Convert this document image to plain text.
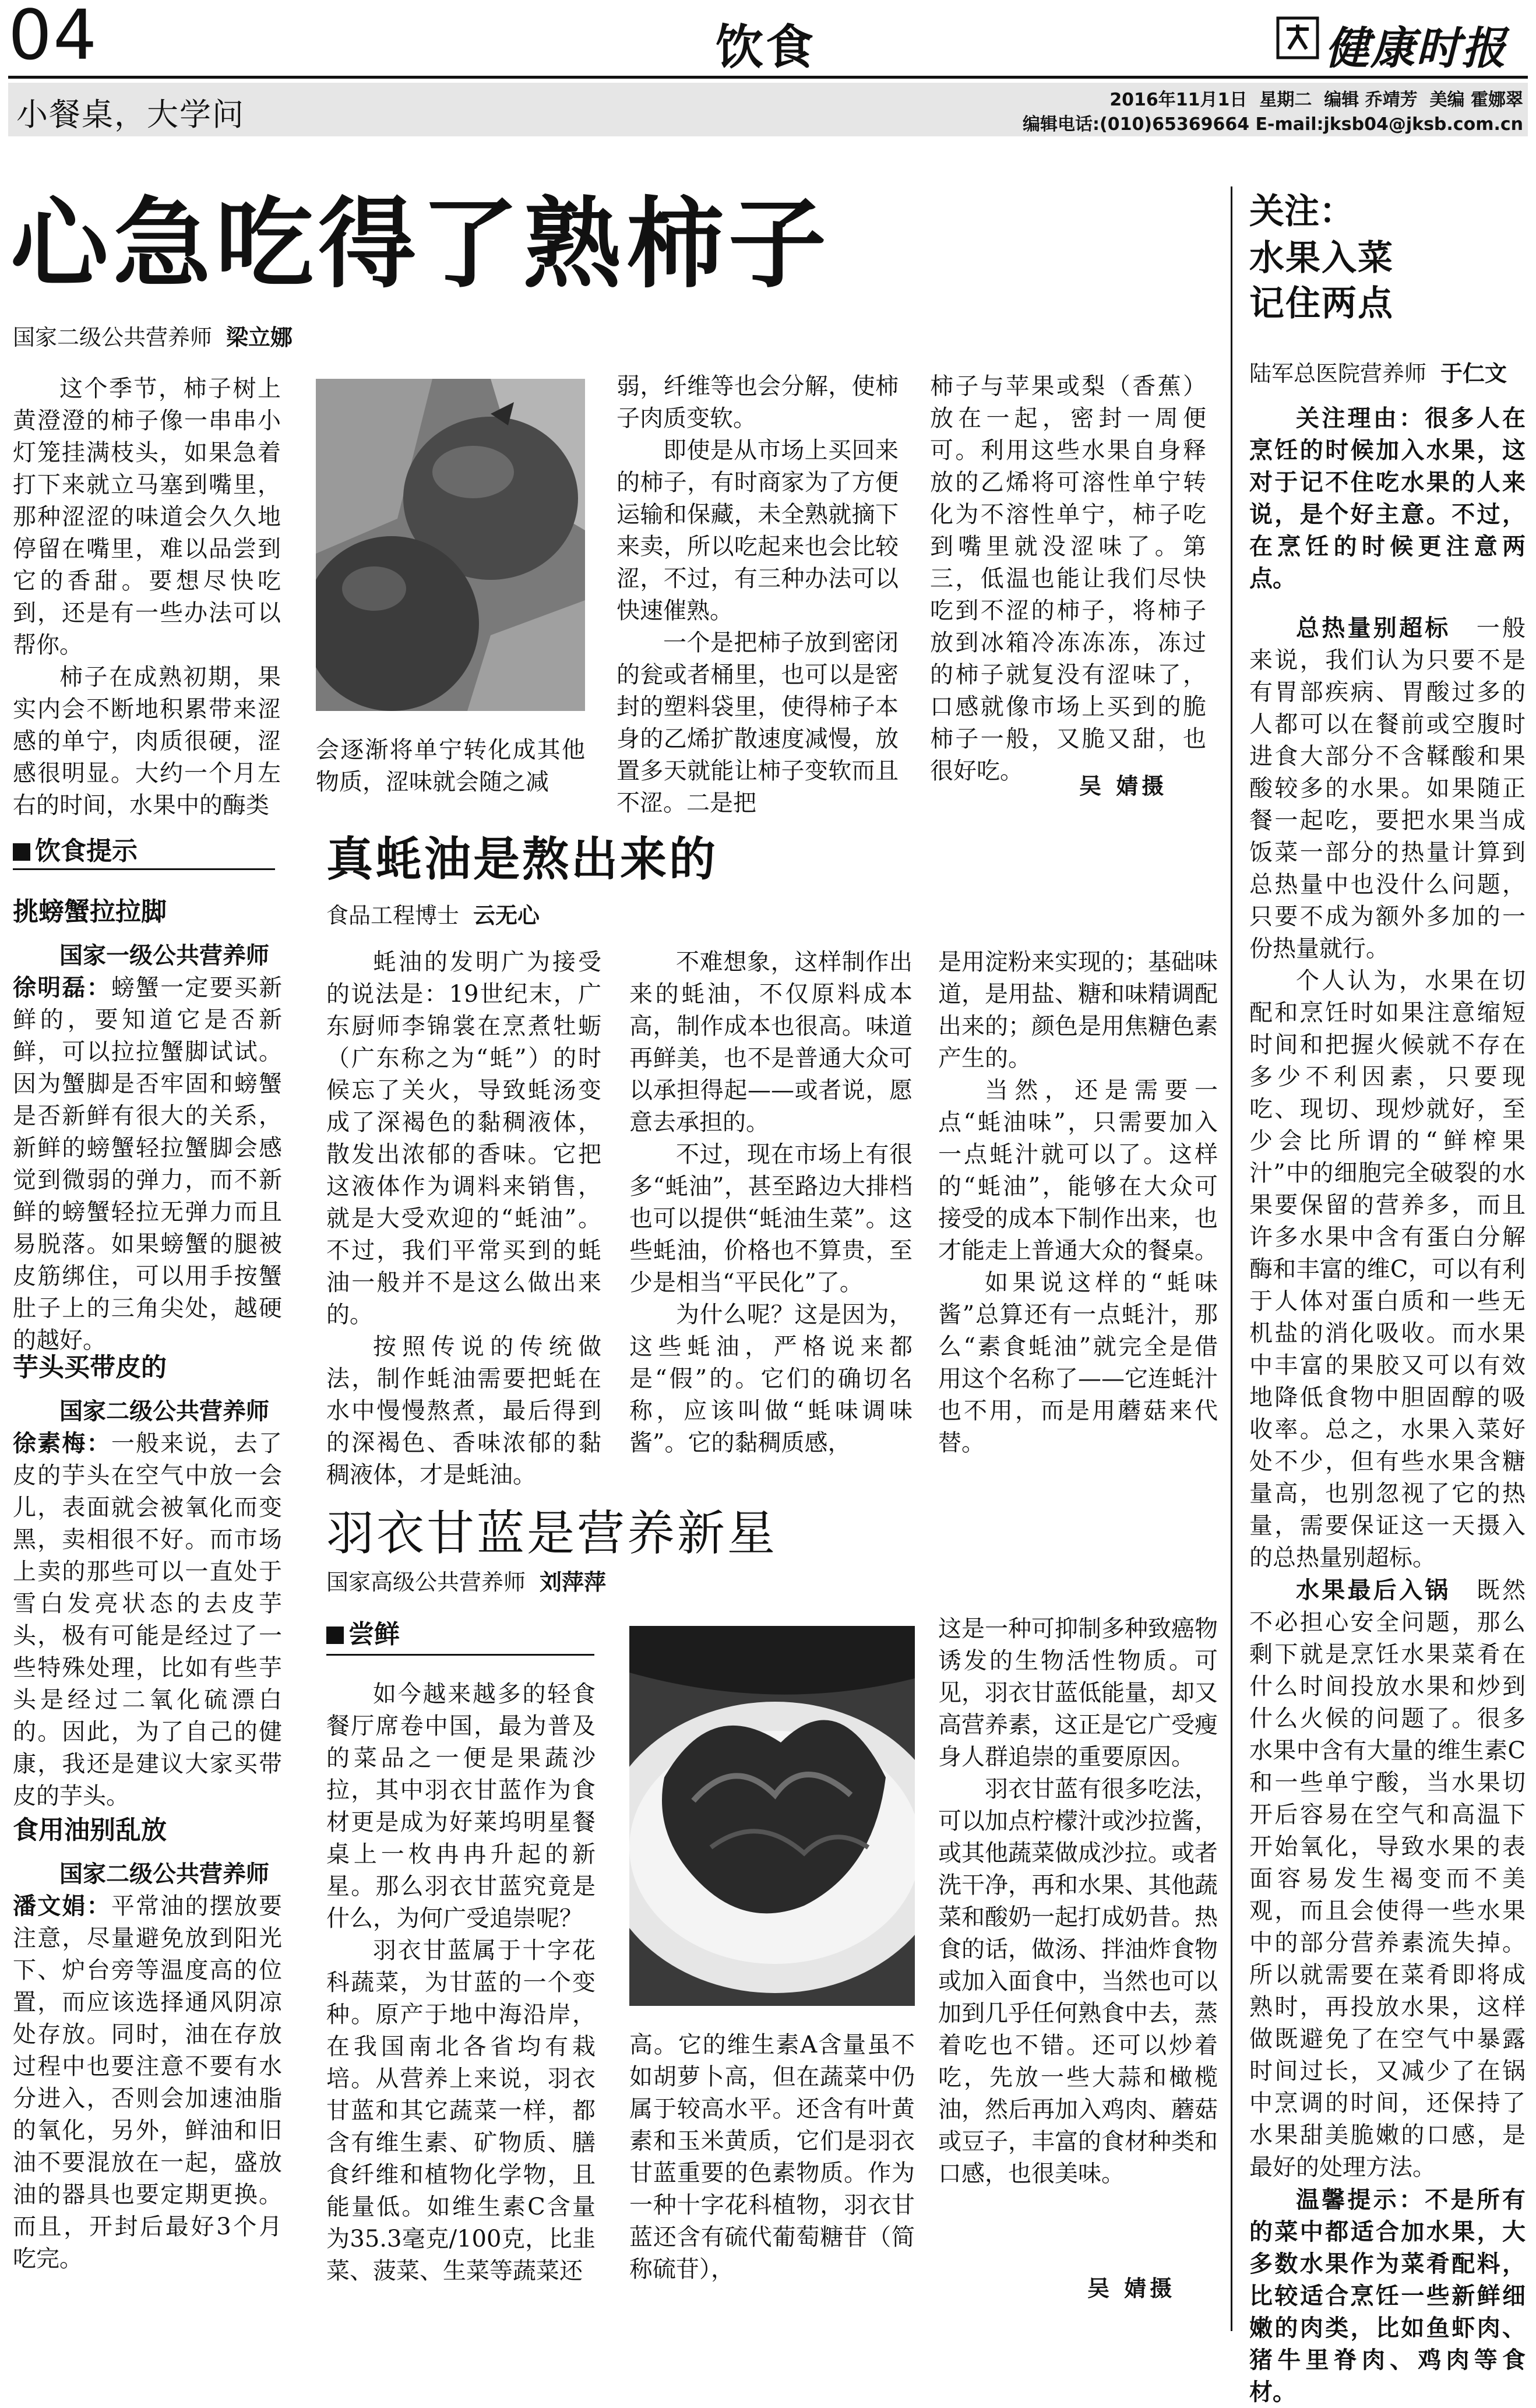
04	饮食	健康时报
小餐桌，大学问	2016年11月1日  星期二  编辑 乔靖芳  美编 霍娜翠
编辑电话:(010)65369664 E-mail:jksb04@jksb.com.cn
心急吃得了熟柿子
国家二级公共营养师 梁立娜

这个季节，柿子树上黄澄澄的柿子像一串串小灯笼挂满枝头，如果急着打下来就立马塞到嘴里，那种涩涩的味道会久久地停留在嘴里，难以品尝到它的香甜。要想尽快吃到，还是有一些办法可以帮你。

柿子在成熟初期，果实内会不断地积累带来涩感的单宁，肉质很硬，涩感很明显。大约一个月左右的时间，水果中的酶类

会逐渐将单宁转化成其他物质，涩味就会随之减

弱，纤维等也会分解，使柿子肉质变软。

即使是从市场上买回来的柿子，有时商家为了方便运输和保藏，未全熟就摘下来卖，所以吃起来也会比较涩，不过，有三种办法可以快速催熟。

一个是把柿子放到密闭的瓮或者桶里，也可以是密封的塑料袋里，使得柿子本身的乙烯扩散速度减慢，放置多天就能让柿子变软而且不涩。二是把

柿子与苹果或梨（香蕉）放在一起，密封一周便可。利用这些水果自身释放的乙烯将可溶性单宁转化为不溶性单宁，柿子吃到嘴里就没涩味了。第三，低温也能让我们尽快吃到不涩的柿子，将柿子放到冰箱冷冻冻冻，冻过的柿子就复没有涩味了，口感就像市场上买到的脆柿子一般，又脆又甜，也很好吃。

吴 婧摄
饮食提示
挑螃蟹拉拉脚

国家一级公共营养师

徐明磊：螃蟹一定要买新鲜的，要知道它是否新鲜，可以拉拉蟹脚试试。因为蟹脚是否牢固和螃蟹是否新鲜有很大的关系，新鲜的螃蟹轻拉蟹脚会感觉到微弱的弹力，而不新鲜的螃蟹轻拉无弹力而且易脱落。如果螃蟹的腿被皮筋绑住，可以用手按蟹肚子上的三角尖处，越硬的越好。

芋头买带皮的

国家二级公共营养师

徐素梅：一般来说，去了皮的芋头在空气中放一会儿，表面就会被氧化而变黑，卖相很不好。而市场上卖的那些可以一直处于雪白发亮状态的去皮芋头，极有可能是经过了一些特殊处理，比如有些芋头是经过二氧化硫漂白的。因此，为了自己的健康，我还是建议大家买带皮的芋头。

食用油别乱放

国家二级公共营养师

潘文娟：平常油的摆放要注意，尽量避免放到阳光下、炉台旁等温度高的位置，而应该选择通风阴凉处存放。同时，油在存放过程中也要注意不要有水分进入，否则会加速油脂的氧化，另外，鲜油和旧油不要混放在一起，盛放油的器具也要定期更换。而且，开封后最好3个月吃完。

真蚝油是熬出来的
食品工程博士 云无心

蚝油的发明广为接受的说法是：19世纪末，广东厨师李锦裳在烹煮牡蛎（广东称之为“蚝”）的时候忘了关火，导致蚝汤变成了深褐色的黏稠液体，散发出浓郁的香味。它把这液体作为调料来销售，就是大受欢迎的“蚝油”。不过，我们平常买到的蚝油一般并不是这么做出来的。

按照传说的传统做法，制作蚝油需要把蚝在水中慢慢熬煮，最后得到的深褐色、香味浓郁的黏稠液体，才是蚝油。

不难想象，这样制作出来的蚝油，不仅原料成本高，制作成本也很高。味道再鲜美，也不是普通大众可以承担得起——或者说，愿意去承担的。

不过，现在市场上有很多“蚝油”，甚至路边大排档也可以提供“蚝油生菜”。这些蚝油，价格也不算贵，至少是相当“平民化”了。

为什么呢？这是因为，这些蚝油，严格说来都是“假”的。它们的确切名称，应该叫做“蚝味调味酱”。它的黏稠质感，

是用淀粉来实现的；基础味道，是用盐、糖和味精调配出来的；颜色是用焦糖色素产生的。

当然，还是需要一点“蚝油味”，只需要加入一点蚝汁就可以了。这样的“蚝油”，能够在大众可接受的成本下制作出来，也才能走上普通大众的餐桌。

如果说这样的“蚝味酱”总算还有一点蚝汁，那么“素食蚝油”就完全是借用这个名称了——它连蚝汁也不用，而是用蘑菇来代替。

羽衣甘蓝是营养新星
国家高级公共营养师 刘萍萍
尝鲜

如今越来越多的轻食餐厅席卷中国，最为普及的菜品之一便是果蔬沙拉，其中羽衣甘蓝作为食材更是成为好莱坞明星餐桌上一枚冉冉升起的新星。那么羽衣甘蓝究竟是什么，为何广受追崇呢？

羽衣甘蓝属于十字花科蔬菜，为甘蓝的一个变种。原产于地中海沿岸，在我国南北各省均有栽培。从营养上来说，羽衣甘蓝和其它蔬菜一样，都含有维生素、矿物质、膳食纤维和植物化学物，且能量低。如维生素C含量为35.3毫克/100克，比韭菜、菠菜、生菜等蔬菜还

高。它的维生素A含量虽不如胡萝卜高，但在蔬菜中仍属于较高水平。还含有叶黄素和玉米黄质，它们是羽衣甘蓝重要的色素物质。作为一种十字花科植物，羽衣甘蓝还含有硫代葡萄糖苷（简称硫苷），

这是一种可抑制多种致癌物诱发的生物活性物质。可见，羽衣甘蓝低能量，却又高营养素，这正是它广受瘦身人群追崇的重要原因。

羽衣甘蓝有很多吃法，可以加点柠檬汁或沙拉酱，或其他蔬菜做成沙拉。或者洗干净，再和水果、其他蔬菜和酸奶一起打成奶昔。热食的话，做汤、拌油炸食物或加入面食中，当然也可以加到几乎任何熟食中去，蒸着吃也不错。还可以炒着吃，先放一些大蒜和橄榄油，然后再加入鸡肉、蘑菇或豆子，丰富的食材种类和口感，也很美味。

吴 婧摄
关注：
水果入菜
记住两点
陆军总医院营养师 于仁文

关注理由：很多人在烹饪的时候加入水果，这对于记不住吃水果的人来说，是个好主意。不过，在烹饪的时候更注意两点。

总热量别超标　 一般来说，我们认为只要不是有胃部疾病、胃酸过多的人都可以在餐前或空腹时进食大部分不含鞣酸和果酸较多的水果。如果随正餐一起吃，要把水果当成饭菜一部分的热量计算到总热量中也没什么问题，只要不成为额外多加的一份热量就行。

个人认为，水果在切配和烹饪时如果注意缩短时间和把握火候就不存在多少不利因素，只要现吃、现切、现炒就好，至少会比所谓的“鲜榨果汁”中的细胞完全破裂的水果要保留的营养多，而且许多水果中含有蛋白分解酶和丰富的维C，可以有利于人体对蛋白质和一些无机盐的消化吸收。而水果中丰富的果胶又可以有效地降低食物中胆固醇的吸收率。总之，水果入菜好处不少，但有些水果含糖量高，也别忽视了它的热量，需要保证这一天摄入的总热量别超标。

水果最后入锅　 既然不必担心安全问题，那么剩下就是烹饪水果菜肴在什么时间投放水果和炒到什么火候的问题了。很多水果中含有大量的维生素C和一些单宁酸，当水果切开后容易在空气和高温下开始氧化，导致水果的表面容易发生褐变而不美观，而且会使得一些水果中的部分营养素流失掉。所以就需要在菜肴即将成熟时，再投放水果，这样做既避免了在空气中暴露时间过长，又减少了在锅中烹调的时间，还保持了水果甜美脆嫩的口感，是最好的处理方法。

温馨提示：不是所有的菜中都适合加水果，大多数水果作为菜肴配料，比较适合烹饪一些新鲜细嫩的肉类，比如鱼虾肉、猪牛里脊肉、鸡肉等食材。
